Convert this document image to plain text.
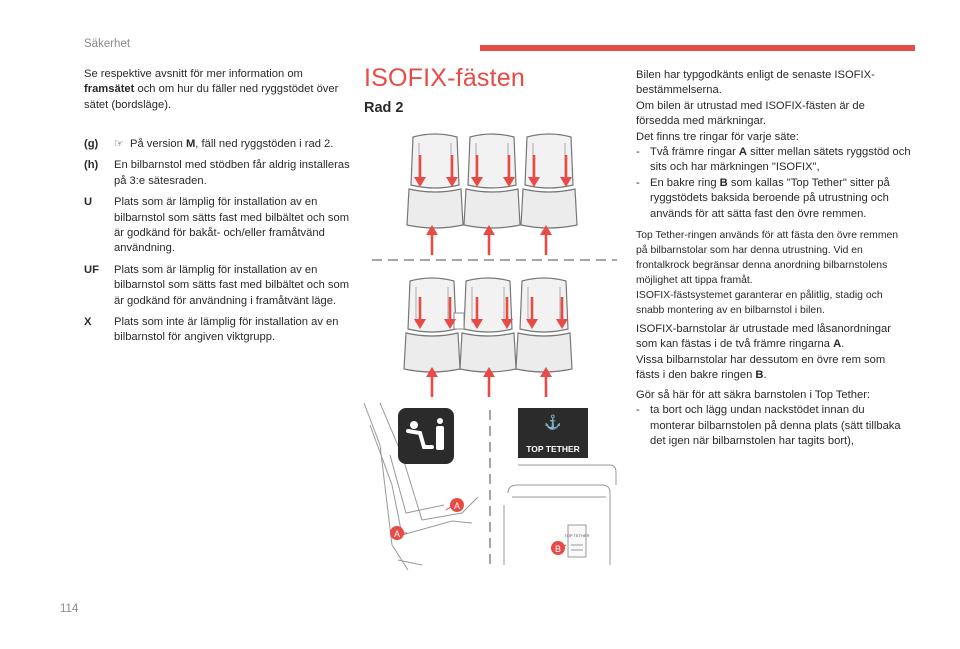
Säkerhet
Se respektive avsnitt för mer information om framsätet och om hur du fäller ned ryggstödet över sätet (bordsläge).
(g)	☞ På version M, fäll ned ryggstöden i rad 2.
(h)	En bilbarnstol med stödben får aldrig installeras på 3:e sätesraden.
U	Plats som är lämplig för installation av en bilbarnstol som sätts fast med bilbältet och som är godkänd för bakåt- och/eller framåtvänd användning.
UF	Plats som är lämplig för installation av en bilbarnstol som sätts fast med bilbältet och som är godkänd för användning i framåtvänt läge.
X	Plats som inte är lämplig för installation av en bilbarnstol för angiven viktgrupp.
ISOFIX-fästen
Rad 2
A
A
⚓
TOP TETHER
TOP TETHER
B
Bilen har typgodkänts enligt de senaste ISOFIX-bestämmelserna.
Om bilen är utrustad med ISOFIX-fästen är de försedda med märkningar.
Det finns tre ringar för varje säte:
- Två främre ringar A sitter mellan sätets ryggstöd och sits och har märkningen "ISOFIX",
- En bakre ring B som kallas "Top Tether" sitter på ryggstödets baksida beroende på utrustning och används för att sätta fast den övre remmen.
Top Tether-ringen används för att fästa den övre remmen på bilbarnstolar som har denna utrustning. Vid en frontalkrock begränsar denna anordning bilbarnstolens möjlighet att tippa framåt.
ISOFIX-fästsystemet garanterar en pålitlig, stadig och snabb montering av en bilbarnstol i bilen.
ISOFIX-barnstolar är utrustade med låsanordningar som kan fästas i de två främre ringarna A.
Vissa bilbarnstolar har dessutom en övre rem som fästs i den bakre ringen B.
Gör så här för att säkra barnstolen i Top Tether:
- ta bort och lägg undan nackstödet innan du monterar bilbarnstolen på denna plats (sätt tillbaka det igen när bilbarnstolen har tagits bort),
114
